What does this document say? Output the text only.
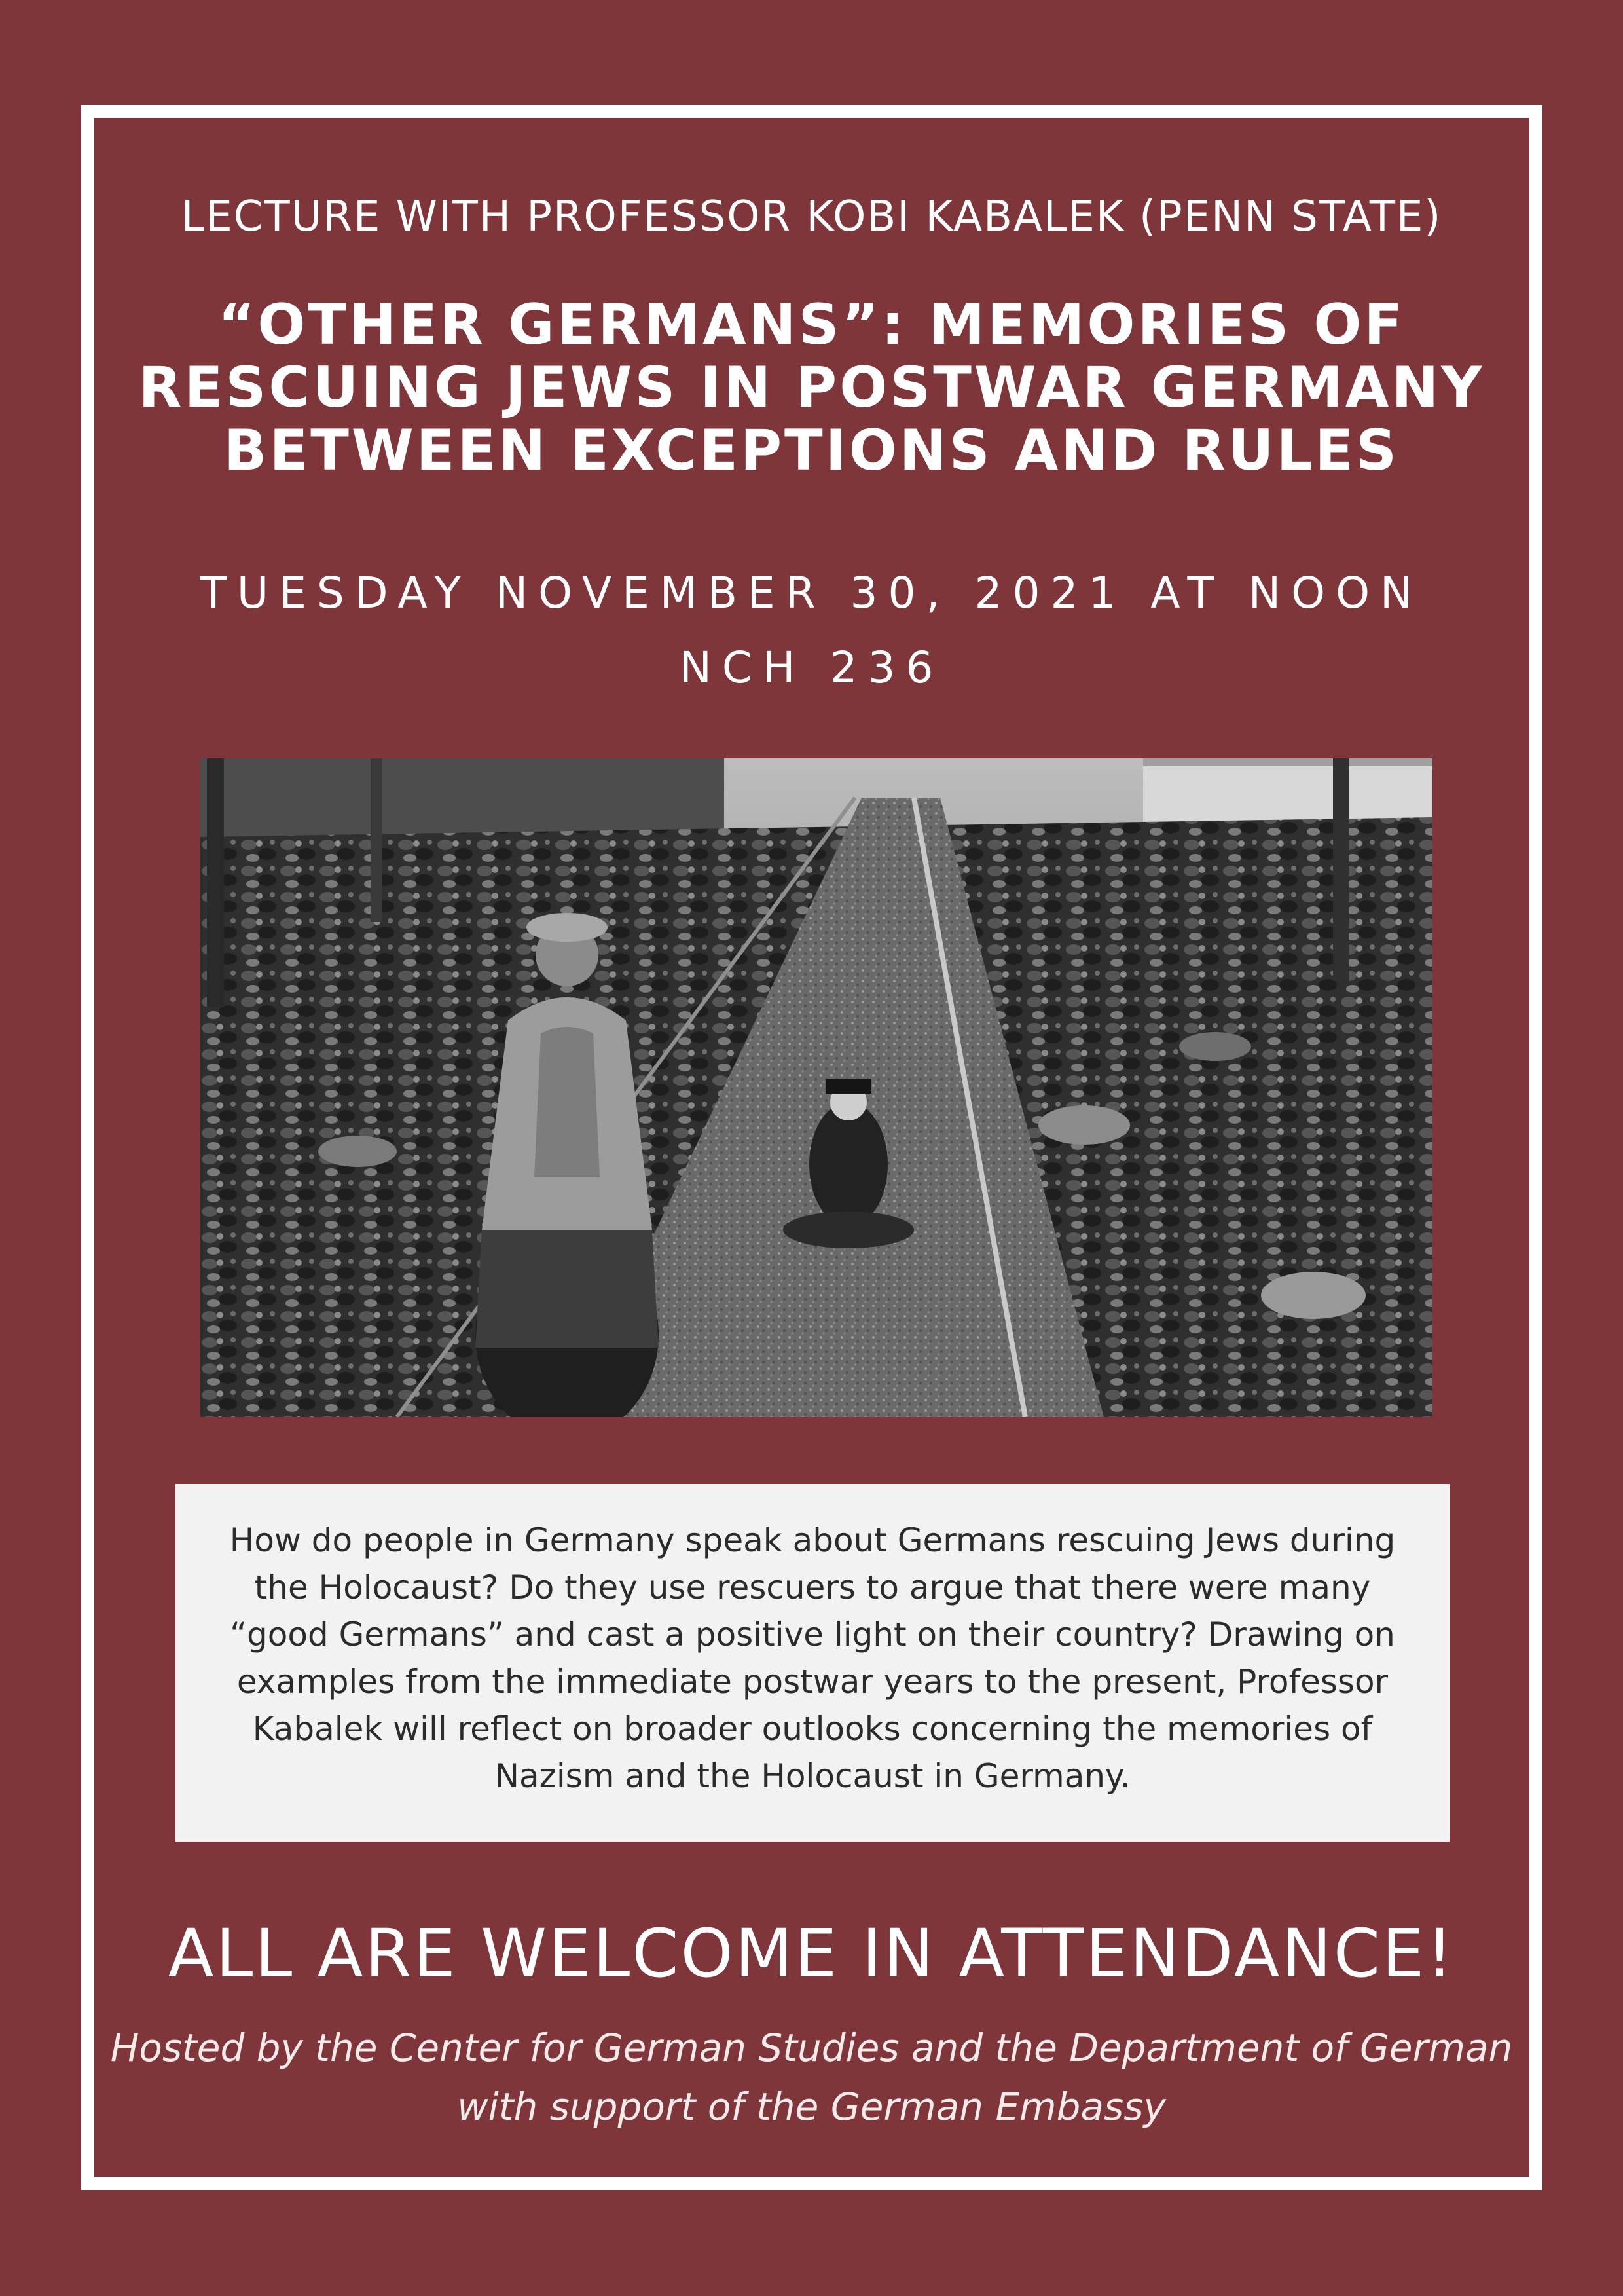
LECTURE WITH PROFESSOR KOBI KABALEK (PENN STATE)
“OTHER GERMANS”: MEMORIES OF
RESCUING JEWS IN POSTWAR GERMANY
BETWEEN EXCEPTIONS AND RULES
TUESDAY NOVEMBER 30, 2021 AT NOON
NCH 236

How do people in Germany speak about Germans rescuing Jews during the Holocaust? Do they use rescuers to argue that there were many “good Germans” and cast a positive light on their country? Drawing on examples from the immediate postwar years to the present, Professor Kabalek will reflect on broader outlooks concerning the memories of Nazism and the Holocaust in Germany.

ALL ARE WELCOME IN ATTENDANCE!
Hosted by the Center for German Studies and the Department of German
with support of the German Embassy
